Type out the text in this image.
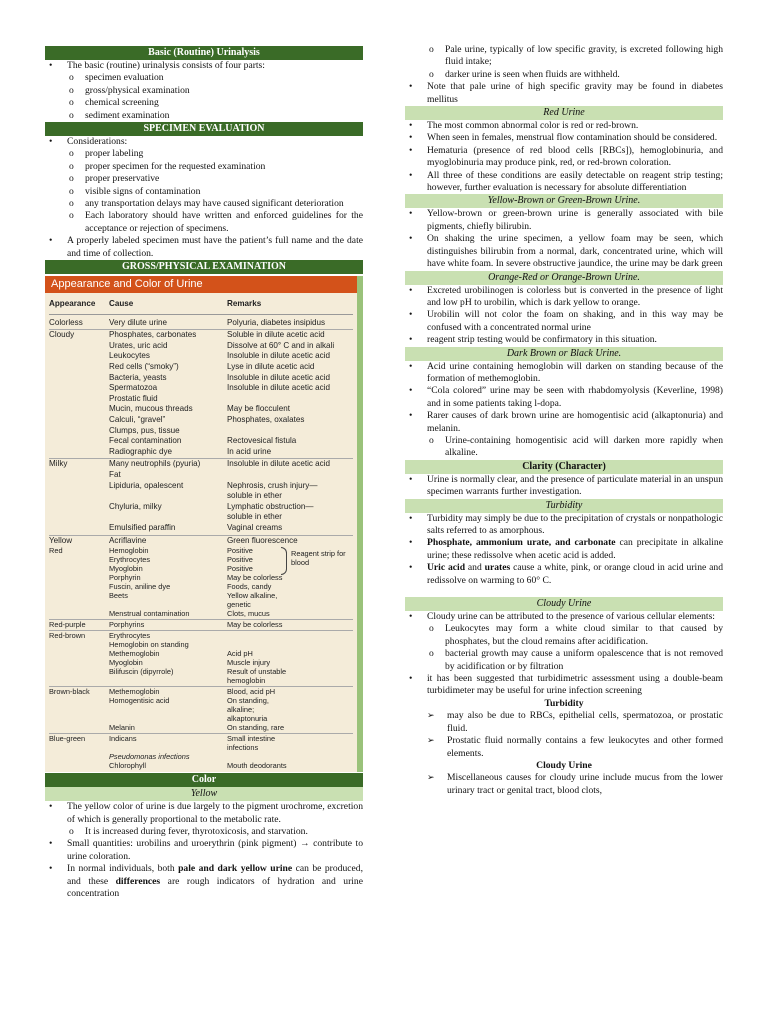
Basic (Routine) Urinalysis
• The basic (routine) urinalysis consists of four parts:
o specimen evaluation
o gross/physical examination
o chemical screening
o sediment examination
SPECIMEN EVALUATION
• Considerations:
o proper labeling
o proper specimen for the requested examination
o proper preservative
o visible signs of contamination
o any transportation delays may have caused significant deterioration
o Each laboratory should have written and enforced guidelines for the acceptance or rejection of specimens.
• A properly labeled specimen must have the patient’s full name and the date and time of collection.
GROSS/PHYSICAL EXAMINATION
Appearance and Color of Urine
Appearance	Cause	Remarks
Colorless	Very dilute urine	Polyuria, diabetes insipidus
Cloudy	Phosphates, carbonates	Soluble in dilute acetic acid
Urates, uric acid	Dissolve at 60° C and in alkali
Leukocytes	Insoluble in dilute acetic acid
Red cells (“smoky”)	Lyse in dilute acetic acid
Bacteria, yeasts	Insoluble in dilute acetic acid
Spermatozoa	Insoluble in dilute acetic acid
Prostatic fluid
Mucin, mucous threads	May be flocculent
Calculi, “gravel”	Phosphates, oxalates
Clumps, pus, tissue
Fecal contamination	Rectovesical fistula
Radiographic dye	In acid urine
Milky	Many neutrophils (pyuria)	Insoluble in dilute acetic acid
Fat
Lipiduria, opalescent	Nephrosis, crush injury—
soluble in ether
Chyluria, milky	Lymphatic obstruction—
soluble in ether
Emulsified paraffin	Vaginal creams
Yellow	Acriflavine	Green fluorescence
Red	Hemoglobin	Positive
Erythrocytes	Positive
Myoglobin	Positive
Porphyrin	May be colorless
Fuscin, aniline dye	Foods, candy
Beets	Yellow alkaline, genetic
Menstrual contamination	Clots, mucus
Red-purple	Porphyrins	May be colorless
Red-brown	Erythrocytes
Hemoglobin on standing
Methemoglobin	Acid pH
Myoglobin	Muscle injury
Bilifuscin (dipyrrole)	Result of unstable
hemoglobin
Brown-black	Methemoglobin	Blood, acid pH
Homogentisic acid	On standing, alkaline;
alkaptonuria
Melanin	On standing, rare
Blue-green	Indicans	Small intestine infections
Pseudomonas infections
Chlorophyll	Mouth deodorants
Reagent strip for blood
Color
Yellow
• The yellow color of urine is due largely to the pigment urochrome, excretion of which is generally proportional to the metabolic rate.
o It is increased during fever, thyrotoxicosis, and starvation.
• Small quantities: urobilins and uroerythrin (pink pigment) → contribute to urine coloration.
• In normal individuals, both pale and dark yellow urine can be produced, and these differences are rough indicators of hydration and urine concentration
o Pale urine, typically of low specific gravity, is excreted following high fluid intake;
o darker urine is seen when fluids are withheld.
• Note that pale urine of high specific gravity may be found in diabetes mellitus
Red Urine
• The most common abnormal color is red or red-brown.
• When seen in females, menstrual flow contamination should be considered.
• Hematuria (presence of red blood cells [RBCs]), hemoglobinuria, and myoglobinuria may produce pink, red, or red-brown coloration.
• All three of these conditions are easily detectable on reagent strip testing; however, further evaluation is necessary for absolute differentiation
Yellow-Brown or Green-Brown Urine.
• Yellow-brown or green-brown urine is generally associated with bile pigments, chiefly bilirubin.
• On shaking the urine specimen, a yellow foam may be seen, which distinguishes bilirubin from a normal, dark, concentrated urine, which will have white foam. In severe obstructive jaundice, the urine may be dark green
Orange-Red or Orange-Brown Urine.
• Excreted urobilinogen is colorless but is converted in the presence of light and low pH to urobilin, which is dark yellow to orange.
• Urobilin will not color the foam on shaking, and in this way may be confused with a concentrated normal urine
• reagent strip testing would be confirmatory in this situation.
Dark Brown or Black Urine.
• Acid urine containing hemoglobin will darken on standing because of the formation of methemoglobin.
• “Cola colored” urine may be seen with rhabdomyolysis (Keverline, 1998) and in some patients taking l-dopa.
• Rarer causes of dark brown urine are homogentisic acid (alkaptonuria) and melanin.
o Urine-containing homogentisic acid will darken more rapidly when alkaline.
Clarity (Character)
• Urine is normally clear, and the presence of particulate material in an unspun specimen warrants further investigation.
Turbidity
• Turbidity may simply be due to the precipitation of crystals or nonpathologic salts referred to as amorphous.
• Phosphate, ammonium urate, and carbonate can precipitate in alkaline urine; these redissolve when acetic acid is added.
• Uric acid and urates cause a white, pink, or orange cloud in acid urine and redissolve on warming to 60° C.
Cloudy Urine
• Cloudy urine can be attributed to the presence of various cellular elements:
o Leukocytes may form a white cloud similar to that caused by phosphates, but the cloud remains after acidification.
o bacterial growth may cause a uniform opalescence that is not removed by acidification or by filtration
• it has been suggested that turbidimetric assessment using a double-beam turbidimeter may be useful for urine infection screening
Turbidity
➢ may also be due to RBCs, epithelial cells, spermatozoa, or prostatic fluid.
➢ Prostatic fluid normally contains a few leukocytes and other formed elements.
Cloudy Urine
➢ Miscellaneous causes for cloudy urine include mucus from the lower urinary tract or genital tract, blood clots,
